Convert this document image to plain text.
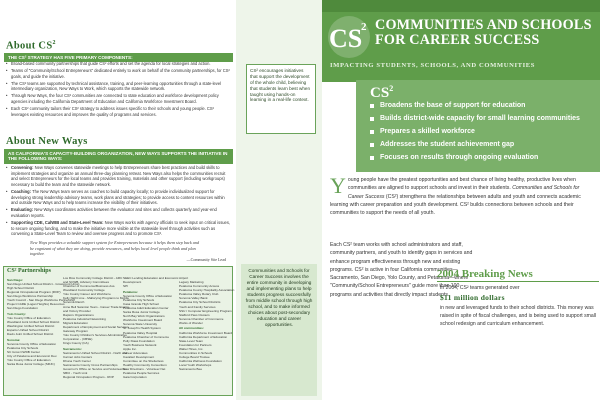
About $CS^2$
THE CS² STRATEGY HAS FIVE PRIMARY COMPONENTS:
• Broad-based community partnerships that guide CS² efforts and set the agenda for local strategies and action.
• Teams of "Community/School Entrepreneurs" dedicated entirely to work on behalf of the community partnerships, for CS² goals, and guide the initiative.
• The CS² teams are supported by technical assistance, training, and peer-learning opportunities through a state-level intermediary organization, New Ways to Work, which supports the statewide network.
• Through New Ways, the four CS² communities are connected to state education and workforce development policy agencies including the California Department of Education and California Workforce Investment Board.
• Each CS² community tailors their CS² strategy to address issues specific to their schools and young people. CS² leverages existing resources and improves the quality of programs and services.
About New Ways
AS CALIFORNIA'S CAPACITY-BUILDING ORGANIZATION, NEW WAYS SUPPORTS THE INITIATIVE IN THE FOLLOWING WAYS:
• Convening: New Ways convenes statewide meetings to help Entrepreneurs share best practices and build skills to implement strategies and organize an annual three-day planning retreat. New Ways also helps the communities recruit and select Entrepreneurs for the local teams and provides training, materials and other support (including workgroups) necessary to build the team and the statewide network.
• Coaching: The New Ways team serves as coaches to build capacity locally; to provide individualized support for developing strong leadership advisory teams, work plans and strategies; to provide access to content resources within and outside New Ways and to help teams increase the visibility of their initiatives.
• Evaluating: New Ways coordinates activities between the evaluator and sites and collects quarterly and year-end evaluation reports.
• Supporting CDE, CalWIB and State-Level Team: New Ways works with agency officials to seek input on critical issues, to secure ongoing funding, and to make the initiative more visible at the statewide level through activities such as convening a State-Level Team to review and oversee progress and to promote CS².
New Ways provides a valuable support system for Entrepreneurs because it helps them step back and be cognizant of what they are doing, provide resources, and helps local level people think and plan together.
—Community Site Lead
CS² Partnerships
San Diego:
San Diego Unified School District - Grossmont Union
High School District
Regional Occupational Program (ROP)
San Diego Workforce Partnership
Youth Council - San Diego Workforce Partnership
Project CARE (Logan Heights) Resources
San Diego Foundation
Yolo County:
Yolo County Office of Education
Woodland Joint Unified School District
Washington Unified School District
Esparto Unified School District
Davis Joint Unified School District
Sonoma:
Sonoma County Office of Education
Petaluma City Schools
SC Grow CWDB Center
City of Petaluma and Economic Dev.
Yolo County Office of Education
Santa Rosa Junior College (SRJC)
Los Rios Community College District - ARC
and SCWB, Advisory Committees
Chamber of Commerce/Business Ass.
Woodland Community College
Yolo County Career and Workforce
Kelly Night Line - Mallorying Programs to Mobile
Sonoma Ranch
Anne Bell Swanton Team - Career Trade Exams
and Victory Provider
Raptors Organizations
Petaluma Industrial Networking
Migrant Education
Department of Employment and Social Services
Gateway Program
Yolo County Children's Services Administrative
Corporation - (CBSE)
Kings County (CA)
Sacramento:
Sacramento Unified School District - North and
Carmel Jobs Centers
Dhuna Youth Center
Sacramento County Cross Partnerships
Governor's Office on Service and Volunteerism
SBCI - Youth Link
Regional Occupation Program - ROP
SEEC Lending Education and Economic
Development
SPI
Petaluma:
Sonoma County Office of Education
Petaluma City Schools
Casa Grande High School
Petaluma Adult Education Center
Santa Rosa Junior College
North Bay Work Organizations
Workforce Investment Board
Sonoma State University
St. Joseph's Health System
Petaluma Valley Hospital
Petaluma Chamber of Commerce
Polly Klaas Foundation
Youth Business Network
Apple Inc.
Career Advocates
Cavalieri Development
Committee on the Shelterless
Healthy Community Consortium
New Directions - Volunteer Net
Petaluma People Services
Gaia Corporation
Airport
Legacy Marketing
Petaluma Community Access
Petaluma County Hospitality Association
Petaluma Valley Rotary Club
Sonoma Valley Bank
Petaluma City School Districts
Youth and Family Services
SSU / Computer Engineering Program
Stafford Pass Clusters
Sonoma Chamber of Commerce
Works of Wonder
All communities:
California Workforce Investment Board
California Department of Education
State-Level Team
Foundation for Partners
Walter Hines, Inc.
Communities in Schools
College Board Trustee
California Wellness Foundation
Local Youth Workshops
Sacramento Bee
CS² encourages initiatives that support the development of the whole child, believing that students learn best when taught using hands-on learning in a real-life context.
Communities and Schools for Career Success involves the entire community in developing and implementing plans to help students progress successfully from middle school through high school, and to make informed choices about post-secondary education and career opportunities.
CS
2 COMMUNITIES AND SCHOOLS
FOR CAREER SUCCESS
IMPACTING STUDENTS, SCHOOLS, AND COMMUNITIES
$CS^2$
Broadens the base of support for education
Builds district-wide capacity for small learning communities
Prepares a skilled workforce
Addresses the student achievement gap
Focuses on results through ongoing evaluation
Young people have the greatest opportunities and best chance of living healthy, productive lives when communities are aligned to support schools and invest in their students. Communities and Schools for Career Success (CS²) strengthens the relationships between adults and youth and connects academic learning with career preparation and youth development. CS² builds connections between schools and their communities to support the needs of all youth.
Each CS² team works with school administrators and staff, community partners, and youth to identify gaps in services and enhance program effectiveness through new and existing programs. CS² is active in four California communities—Sacramento, San Diego, Yolo County, and Petaluma—where "Community/School Entrepreneurs" guide more than 100 programs and activities that directly impact students.
2004 Breaking News
In 2004, CS² teams generated over
$11 million dollars
in new and leveraged funds to their school districts. This money was raised in spite of fiscal challenges, and is being used to support small school redesign and curriculum enhancement.
